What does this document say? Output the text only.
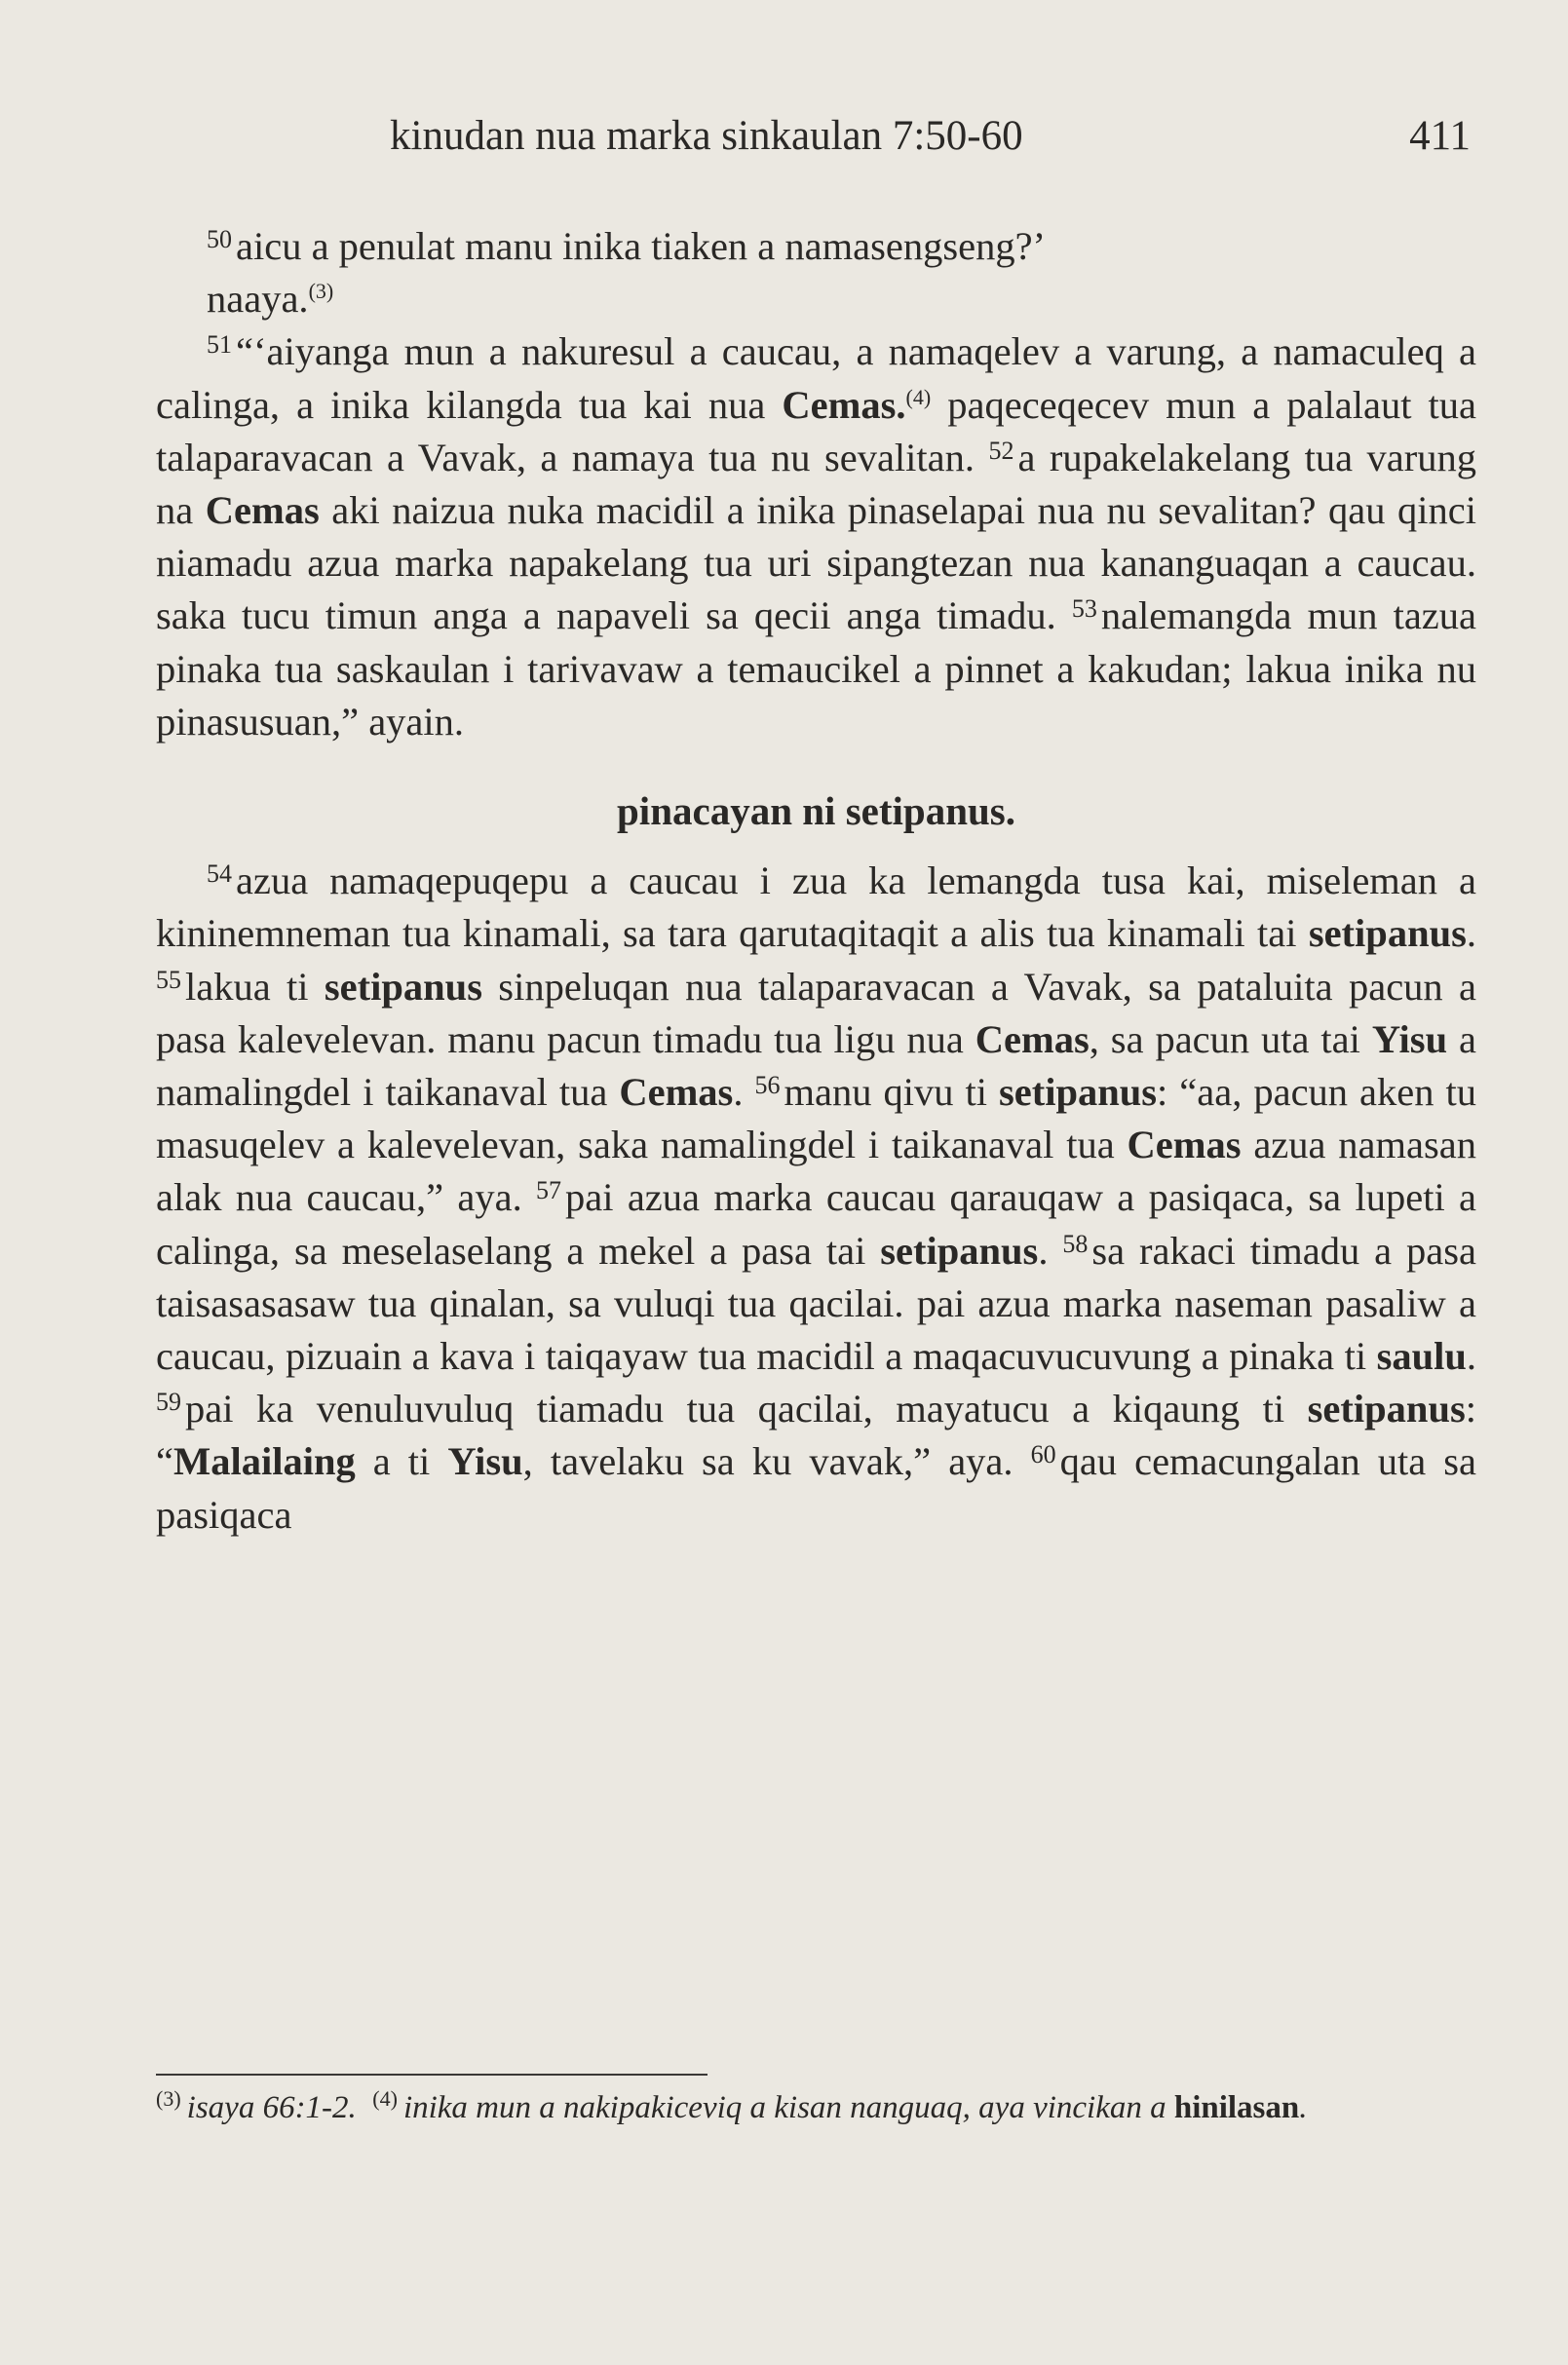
kinudan nua marka sinkaulan 7:50-60	411

$^{50}$aicu a penulat manu inika tiaken a namasengseng?’

naaya.$^{(3)}$

$^{51}$“‘aiyanga mun a nakuresul a caucau, a namaqelev a varung, a namaculeq a calinga, a inika kilangda tua kai nua Cemas.$^{(4)}$ paqeceqecev mun a palalaut tua talaparavacan a Vavak, a namaya tua nu sevalitan. $^{52}$a rupakelakelang tua varung na Cemas aki naizua nuka macidil a inika pinaselapai nua nu sevalitan? qau qinci niamadu azua marka napakelang tua uri sipangtezan nua kananguaqan a caucau. saka tucu timun anga a napaveli sa qecii anga timadu. $^{53}$nalemangda mun tazua pinaka tua saskaulan i tarivavaw a temaucikel a pinnet a kakudan; lakua inika nu pinasusuan,” ayain.

pinacayan ni setipanus.

$^{54}$azua namaqepuqepu a caucau i zua ka lemangda tusa kai, miseleman a kininemneman tua kinamali, sa tara qarutaqitaqit a alis tua kinamali tai setipanus. $^{55}$lakua ti setipanus sinpeluqan nua talaparavacan a Vavak, sa pataluita pacun a pasa kalevelevan. manu pacun timadu tua ligu nua Cemas, sa pacun uta tai Yisu a namalingdel i taikanaval tua Cemas. $^{56}$manu qivu ti setipanus: “aa, pacun aken tu masuqelev a kalevelevan, saka namalingdel i taikanaval tua Cemas azua namasan alak nua caucau,” aya. $^{57}$pai azua marka caucau qarauqaw a pasiqaca, sa lupeti a calinga, sa meselaselang a mekel a pasa tai setipanus. $^{58}$sa rakaci timadu a pasa taisasasasaw tua qinalan, sa vuluqi tua qacilai. pai azua marka naseman pasaliw a caucau, pizuain a kava i taiqayaw tua macidil a maqacuvucuvung a pinaka ti saulu. $^{59}$pai ka venuluvuluq tiamadu tua qacilai, mayatucu a kiqaung ti setipanus: “Malailaing a ti Yisu, tavelaku sa ku vavak,” aya. $^{60}$qau cemacungalan uta sa pasiqaca

$^{(3)}$ isaya 66:1-2. $^{(4)}$ inika mun a nakipakiceviq a kisan nanguaq, aya vincikan a hinilasan.
